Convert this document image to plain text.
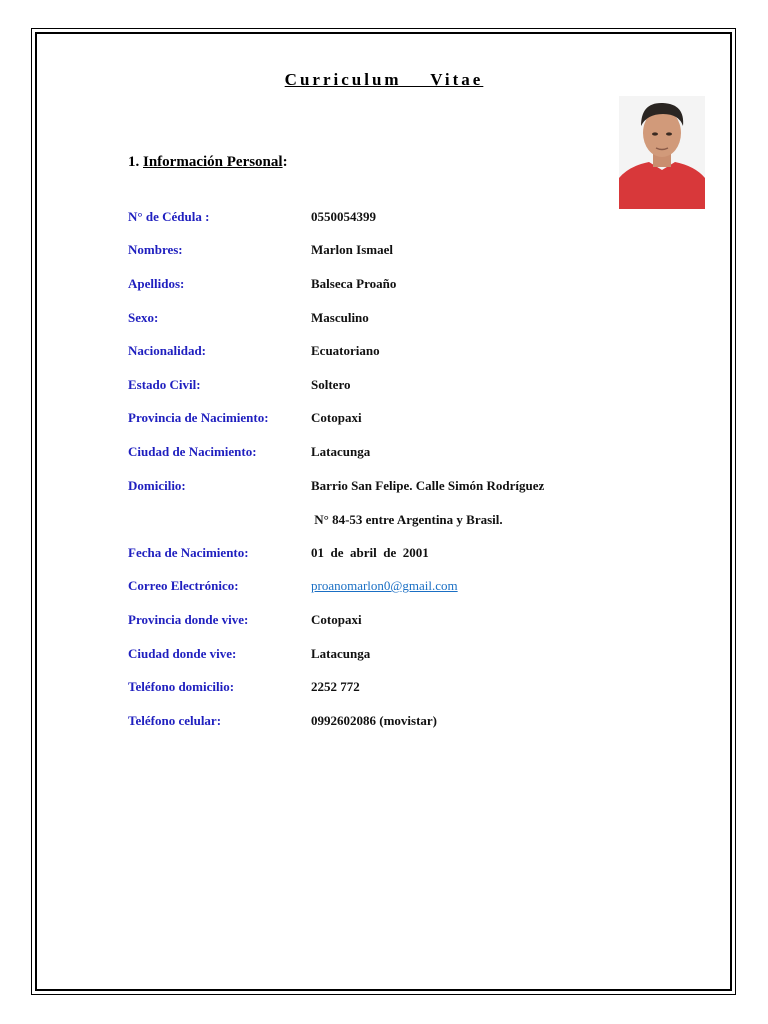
Curriculum    Vitae
1. Información Personal:
N° de Cédula :	0550054399
Nombres:	Marlon Ismael
Apellidos:	Balseca Proaño
Sexo:	Masculino
Nacionalidad:	Ecuatoriano
Estado Civil:	Soltero
Provincia de Nacimiento:	Cotopaxi
Ciudad de Nacimiento:	Latacunga
Domicilio:	Barrio San Felipe. Calle Simón Rodríguez
N° 84-53 entre Argentina y Brasil.
Fecha de Nacimiento:	01  de  abril  de  2001
Correo Electrónico:	proanomarlon0@gmail.com
Provincia donde vive:	Cotopaxi
Ciudad donde vive:	Latacunga
Teléfono domicilio:	2252 772
Teléfono celular:	0992602086 (movistar)
